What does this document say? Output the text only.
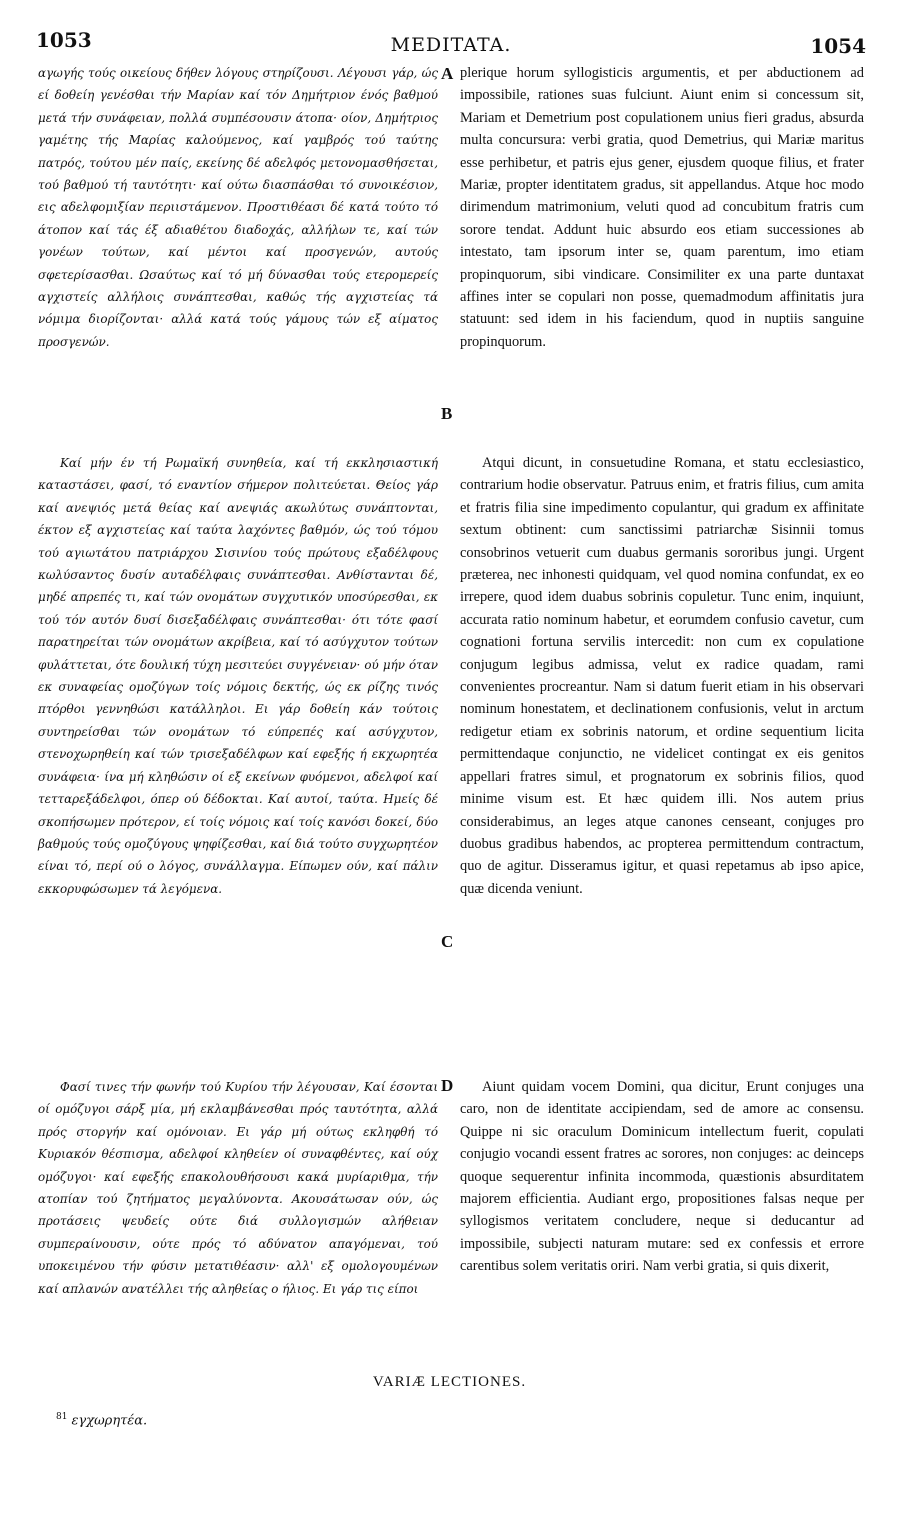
1053	MEDITATA.	1054

αγωγής τούς οικείους δήθεν λόγους στηρίζουσι. Λέγουσι γάρ, ώς εί δοθείη γενέσθαι τήν Μαρίαν καί τόν Δημήτριον ένός βαθμού μετά τήν συνάφειαν, πολλά συμπέσουσιν άτοπα· οίον, Δημήτριος γαμέτης τής Μαρίας καλούμενος, καί γαμβρός τού ταύτης πατρός, τούτου μέν παίς, εκείνης δέ αδελφός μετονομασθήσεται, τού βαθμού τή ταυτότητι· καί ούτω διασπάσθαι τό συνοικέσιον, εις αδελφομιξίαν περιιστάμενον. Προστιθέασι δέ κατά τούτο τό άτοπον καί τάς έξ αδιαθέτου διαδοχάς, αλλήλων τε, καί τών γονέων τούτων, καί μέντοι καί προσγενών, αυτούς σφετερίσασθαι. Ωσαύτως καί τό μή δύνασθαι τούς ετερομερείς αγχιστείς αλλήλοις συνάπτεσθαι, καθώς τής αγχιστείας τά νόμιμα διορίζονται· αλλά κατά τούς γάμους τών εξ αίματος προσγενών.

Καί μήν έν τή Ρωμαϊκή συνηθεία, καί τή εκκλησιαστική καταστάσει, φασί, τό εναντίον σήμερον πολιτεύεται. Θείος γάρ καί ανεψιός μετά θείας καί ανεψιάς ακωλύτως συνάπτονται, έκτον εξ αγχιστείας καί ταύτα λαχόντες βαθμόν, ώς τού τόμου τού αγιωτάτου πατριάρχου Σισινίου τούς πρώτους εξαδέλφους κωλύσαντος δυσίν αυταδέλφαις συνάπτεσθαι. Ανθίστανται δέ, μηδέ απρεπές τι, καί τών ονομάτων συγχυτικόν υποσύρεσθαι, εκ τού τόν αυτόν δυσί δισεξαδέλφαις συνάπτεσθαι· ότι τότε φασί παρατηρείται τών ονομάτων ακρίβεια, καί τό ασύγχυτον τούτων φυλάττεται, ότε δουλική τύχη μεσιτεύει συγγένειαν· ού μήν όταν εκ συναφείας ομοζύγων τοίς νόμοις δεκτής, ώς εκ ρίζης τινός πτόρθοι γεννηθώσι κατάλληλοι. Ει γάρ δοθείη κάν τούτοις συντηρείσθαι τών ονομάτων τό εύπρεπές καί ασύγχυτον, στενοχωρηθείη καί τών τρισεξαδέλφων καί εφεξής ή εκχωρητέα συνάφεια· ίνα μή κληθώσιν οί εξ εκείνων φυόμενοι, αδελφοί καί τετταρεξάδελφοι, όπερ ού δέδοκται. Καί αυτοί, ταύτα. Ημείς δέ σκοπήσωμεν πρότερον, εί τοίς νόμοις καί τοίς κανόσι δοκεί, δύο βαθμούς τούς ομοζύγους ψηφίζεσθαι, καί διά τούτο συγχωρητέον είναι τό, περί ού ο λόγος, συνάλλαγμα. Είπωμεν ούν, καί πάλιν εκκορυφώσωμεν τά λεγόμενα.

Φασί τινες τήν φωνήν τού Κυρίου τήν λέγουσαν, Καί έσονται οί ομόζυγοι σάρξ μία, μή εκλαμβάνεσθαι πρός ταυτότητα, αλλά πρός στοργήν καί ομόνοιαν. Ει γάρ μή ούτως εκληφθή τό Κυριακόν θέσπισμα, αδελφοί κληθείεν οί συναφθέντες, καί ούχ ομόζυγοι· καί εφεξής επακολουθήσουσι κακά μυρίαριθμα, τήν ατοπίαν τού ζητήματος μεγαλύνοντα. Ακουσάτωσαν ούν, ώς προτάσεις ψευδείς ούτε διά συλλογισμών αλήθειαν συμπεραίνουσιν, ούτε πρός τό αδύνατον απαγόμεναι, τού υποκειμένου τήν φύσιν μετατιθέασιν· αλλ' εξ ομολογουμένων καί απλανών ανατέλλει τής αληθείας ο ήλιος. Ει γάρ τις είποι

A
B
C
D

plerique horum syllogisticis argumentis, et per abductionem ad impossibile, rationes suas fulciunt. Aiunt enim si concessum sit, Mariam et Demetrium post copulationem unius fieri gradus, absurda multa concursura: verbi gratia, quod Demetrius, qui Mariæ maritus esse perhibetur, et patris ejus gener, ejusdem quoque filius, et frater Mariæ, propter identitatem gradus, sit appellandus. Atque hoc modo dirimendum matrimonium, veluti quod ad concubitum fratris cum sorore tendat. Addunt huic absurdo eos etiam successiones ab intestato, tam ipsorum inter se, quam parentum, imo etiam propinquorum, sibi vindicare. Consimiliter ex una parte duntaxat affines inter se copulari non posse, quemadmodum affinitatis jura statuunt: sed idem in his faciendum, quod in nuptiis sanguine propinquorum.

Atqui dicunt, in consuetudine Romana, et statu ecclesiastico, contrarium hodie observatur. Patruus enim, et fratris filius, cum amita et fratris filia sine impedimento copulantur, qui gradum ex affinitate sextum obtinent: cum sanctissimi patriarchæ Sisinnii tomus consobrinos vetuerit cum duabus germanis sororibus jungi. Urgent præterea, nec inhonesti quidquam, vel quod nomina confundat, ex eo irrepere, quod idem duabus sobrinis copuletur. Tunc enim, inquiunt, accurata ratio nominum habetur, et eorumdem confusio cavetur, cum cognationi fortuna servilis intercedit: non cum ex copulatione conjugum legibus admissa, velut ex radice quadam, rami convenientes procreantur. Nam si datum fuerit etiam in his observari nominum honestatem, et declinationem confusionis, velut in arctum redigetur etiam ex sobrinis natorum, et ordine sequentium licita permittendaque conjunctio, ne videlicet contingat ex eis genitos appellari fratres simul, et prognatorum ex sobrinis filios, quod minime visum est. Et hæc quidem illi. Nos autem prius considerabimus, an leges atque canones censeant, conjuges pro duobus gradibus habendos, ac propterea permittendum contractum, quo de agitur. Disseramus igitur, et quasi repetamus ab ipso apice, quæ dicenda veniunt.

Aiunt quidam vocem Domini, qua dicitur, Erunt conjuges una caro, non de identitate accipiendam, sed de amore ac consensu. Quippe ni sic oraculum Dominicum intellectum fuerit, copulati conjugio vocandi essent fratres ac sorores, non conjuges: ac deinceps quoque sequerentur infinita incommoda, quæstionis absurditatem majorem efficientia. Audiant ergo, propositiones falsas neque per syllogismos veritatem concludere, neque si deducantur ad impossibile, subjecti naturam mutare: sed ex confessis et errore carentibus solem veritatis oriri. Nam verbi gratia, si quis dixerit,

VARIÆ LECTIONES.
$^{81}$ εγχωρητέα.
